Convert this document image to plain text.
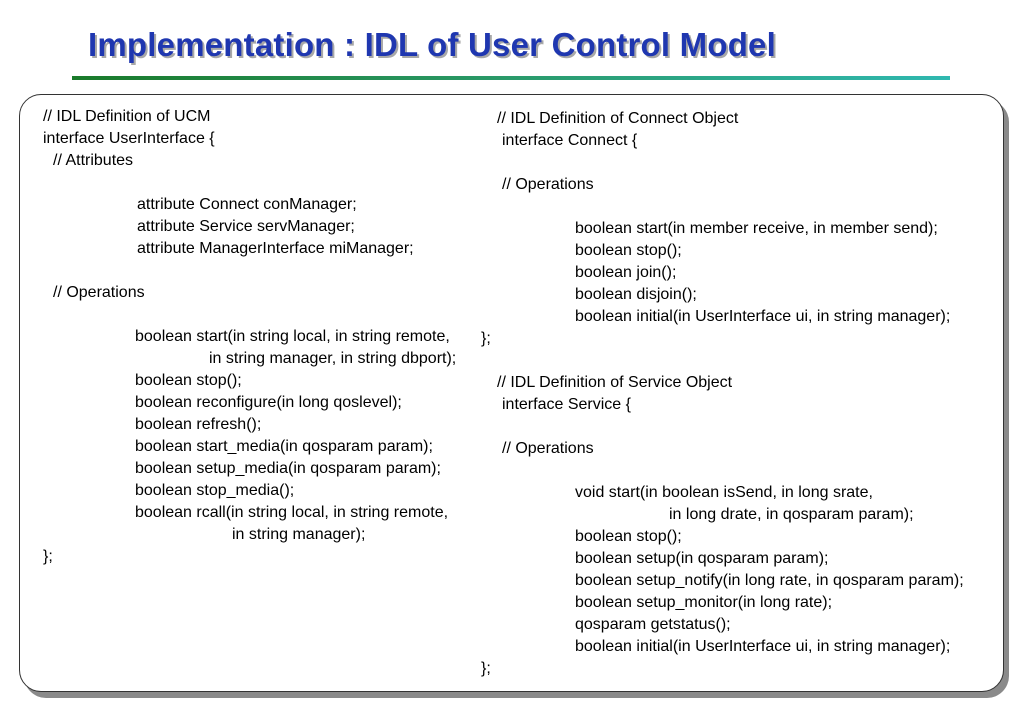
Implementation : IDL of User Control Model
// IDL Definition of UCM
interface UserInterface {
// Attributes
attribute Connect conManager;
attribute Service servManager;
attribute ManagerInterface miManager;
// Operations
boolean start(in string local, in string remote,
in string manager, in string dbport);
boolean stop();
boolean reconfigure(in long qoslevel);
boolean refresh();
boolean start_media(in qosparam param);
boolean setup_media(in qosparam param);
boolean stop_media();
boolean rcall(in string local, in string remote,
in string manager);
};
// IDL Definition of Connect Object
interface Connect {
// Operations
boolean start(in member receive, in member send);
boolean stop();
boolean join();
boolean disjoin();
boolean initial(in UserInterface ui, in string manager);
};
// IDL Definition of Service Object
interface Service {
// Operations
void start(in boolean isSend, in long srate,
in long drate, in qosparam param);
boolean stop();
boolean setup(in qosparam param);
boolean setup_notify(in long rate, in qosparam param);
boolean setup_monitor(in long rate);
qosparam getstatus();
boolean initial(in UserInterface ui, in string manager);
};
